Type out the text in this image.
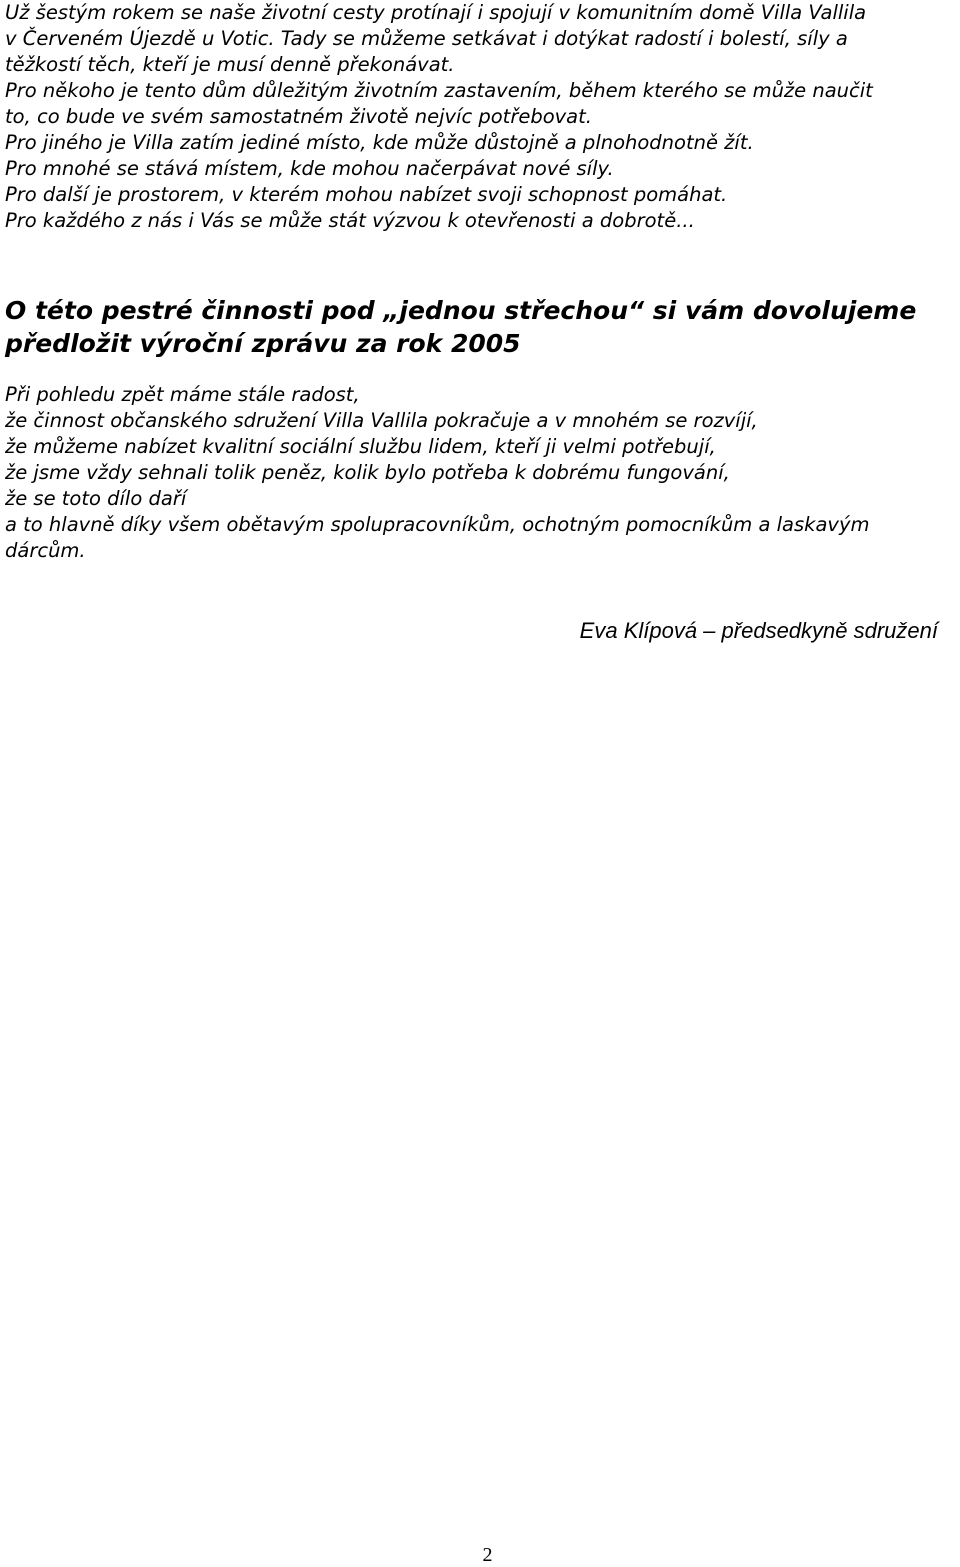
Už šestým rokem se naše životní cesty protínají i spojují v komunitním domě Villa Vallila

v Červeném Újezdě u Votic. Tady se můžeme setkávat i dotýkat radostí i bolestí, síly a

těžkostí těch, kteří je musí denně překonávat.

Pro někoho je tento dům důležitým životním zastavením, během kterého se může naučit

to, co bude ve svém samostatném životě nejvíc potřebovat.

Pro jiného je Villa zatím jediné místo, kde může důstojně a plnohodnotně žít.

Pro mnohé se stává místem, kde mohou načerpávat nové síly.

Pro další je prostorem, v kterém mohou nabízet svoji schopnost pomáhat.

Pro každého z nás i Vás se může stát výzvou k otevřenosti a dobrotě...

O této pestré činnosti pod „jednou střechou“ si vám dovolujeme

předložit výroční zprávu za rok 2005

Při pohledu zpět máme stále radost,

že činnost občanského sdružení Villa Vallila pokračuje a v mnohém se rozvíjí,

že můžeme nabízet kvalitní sociální službu lidem, kteří ji velmi potřebují,

že jsme vždy sehnali tolik peněz, kolik bylo potřeba k dobrému fungování,

že se toto dílo daří

a to hlavně díky všem obětavým spolupracovníkům, ochotným pomocníkům a laskavým

dárcům.

Eva Klípová – předsedkyně sdružení
2
